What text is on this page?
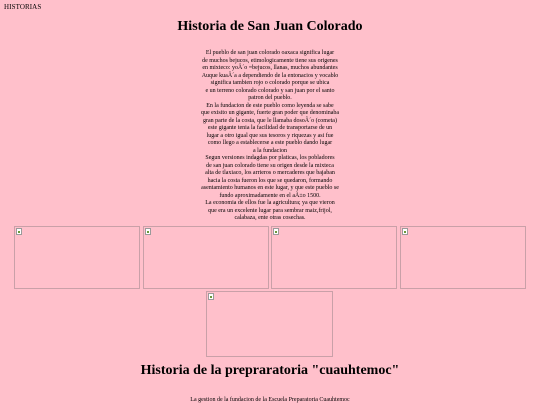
HISTORIAS
Historia de San Juan Colorado

El pueblo de san juan colorado oaxaca significa lugar

de muchos bejucos, etimologicamente tiene sus origenes

en mixteco: yoÂ´o =bejucos, llanas, muchos abundantes

Auque kuaÂ´a a dependiendo de la entonacios y vocablo

significa tambien rojo o colorado porque se ubica

e un terreno colorado colorado y san juan por el santo

patron del pueblo.

En la fundacion de este pueblo como leyenda se sabe

que exisito un gigante, fuerte gran poder que denominaba

gran parte de la costa, que le llamaba dosoÂ´o (cometa)

este gigante tenia la facilidad de transportarse de un

lugar a otro igual que sus tesoros y riquezas y asi fue

como llego a establecerse a este pueblo dando lugar

a la fundacion

Segun versiones indagdas por platicas, los pobladores

de san juan colorado tiene su origen desde la mixteca

alta de tlaxiaco, los arrieros o mercaderes que bajaban

hacia la costa fueron los que se quedaron, formando

asentamiento humanos en este lugar, y que este pueblo se

fundo aproximadamente en el aÃ±o 1500.

La economia de ellos fue la agricultura; ya que vieron

que era un excelente lugar para sembrar maiz,frijol,

calabaza, ente otras cosechas.

Historia de la prepraratoria "cuauhtemoc"
La gestion de la fundacion de la Escuela Preparatoria Cuauhtemoc
